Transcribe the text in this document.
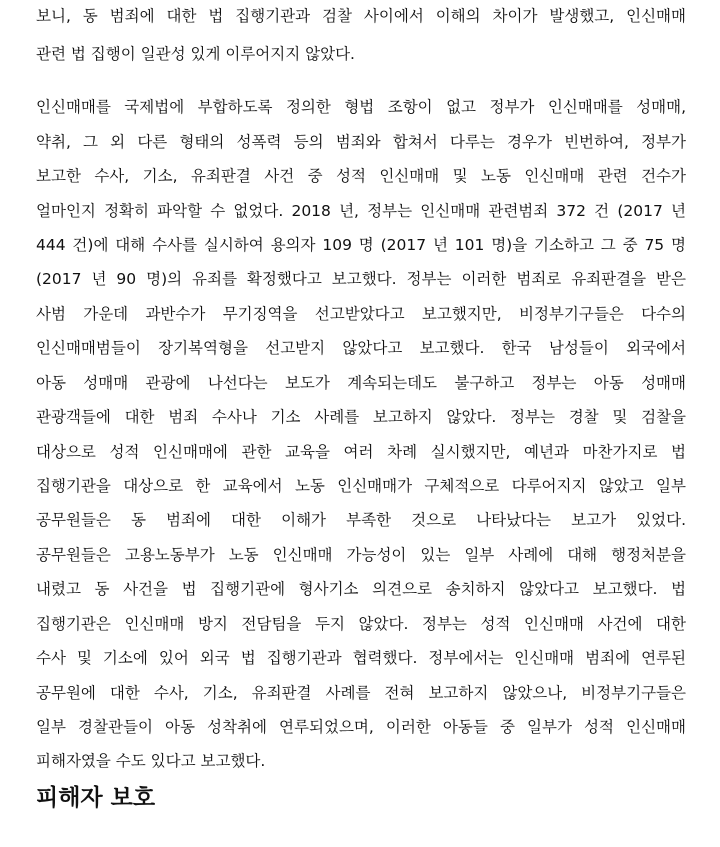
보니, 동 범죄에 대한 법 집행기관과 검찰 사이에서 이해의 차이가 발생했고, 인신매매
관련 법 집행이 일관성 있게 이루어지지 않았다.
인신매매를 국제법에 부합하도록 정의한 형법 조항이 없고 정부가 인신매매를 성매매,
약취, 그 외 다른 형태의 성폭력 등의 범죄와 합쳐서 다루는 경우가 빈번하여, 정부가
보고한 수사, 기소, 유죄판결 사건 중 성적 인신매매 및 노동 인신매매 관련 건수가
얼마인지 정확히 파악할 수 없었다. 2018 년, 정부는 인신매매 관련범죄 372 건 (2017 년
444 건)에 대해 수사를 실시하여 용의자 109 명 (2017 년 101 명)을 기소하고 그 중 75 명
(2017 년 90 명)의 유죄를 확정했다고 보고했다. 정부는 이러한 범죄로 유죄판결을 받은
사범 가운데 과반수가 무기징역을 선고받았다고 보고했지만, 비정부기구들은 다수의
인신매매범들이 장기복역형을 선고받지 않았다고 보고했다. 한국 남성들이 외국에서
아동 성매매 관광에 나선다는 보도가 계속되는데도 불구하고 정부는 아동 성매매
관광객들에 대한 범죄 수사나 기소 사례를 보고하지 않았다. 정부는 경찰 및 검찰을
대상으로 성적 인신매매에 관한 교육을 여러 차례 실시했지만, 예년과 마찬가지로 법
집행기관을 대상으로 한 교육에서 노동 인신매매가 구체적으로 다루어지지 않았고 일부
공무원들은 동 범죄에 대한 이해가 부족한 것으로 나타났다는 보고가 있었다.
공무원들은 고용노동부가 노동 인신매매 가능성이 있는 일부 사례에 대해 행정처분을
내렸고 동 사건을 법 집행기관에 형사기소 의견으로 송치하지 않았다고 보고했다. 법
집행기관은 인신매매 방지 전담팀을 두지 않았다. 정부는 성적 인신매매 사건에 대한
수사 및 기소에 있어 외국 법 집행기관과 협력했다. 정부에서는 인신매매 범죄에 연루된
공무원에 대한 수사, 기소, 유죄판결 사례를 전혀 보고하지 않았으나, 비정부기구들은
일부 경찰관들이 아동 성착취에 연루되었으며, 이러한 아동들 중 일부가 성적 인신매매
피해자였을 수도 있다고 보고했다.
피해자 보호
